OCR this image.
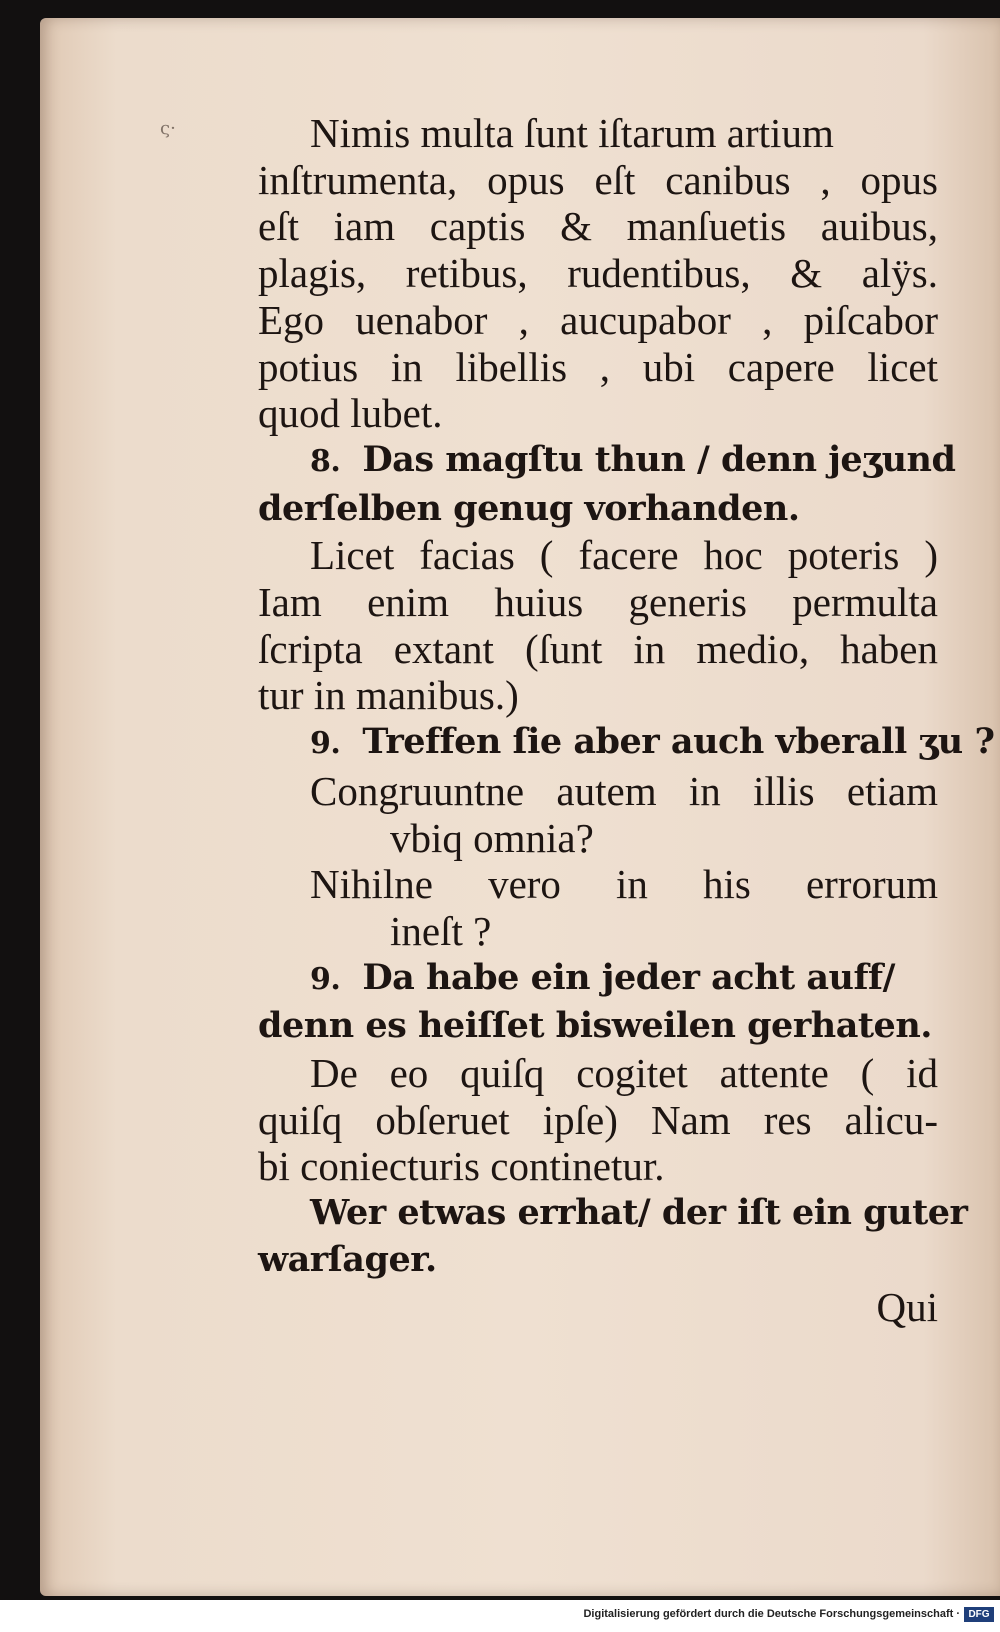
ς·	Nimis multa ſunt iſtarum artium
inſtrumenta, opus eſt canibus , opus
eſt iam captis & manſuetis auibus,
plagis, retibus, rudentibus, & alÿs.
Ego uenabor , aucupabor , piſcabor
potius in libellis , ubi capere licet
quod lubet.
8. Das magſtu thun / denn jeʒund
derſelben genug vorhanden.
Licet facias ( facere hoc poteris )
Iam enim huius generis permulta
ſcripta extant (ſunt in medio, haben
tur in manibus.)
9. Treffen ſie aber auch vberall ʒu ?
Congruuntne autem in illis etiam
vbiq omnia?
Nihilne vero in his errorum
ineſt ?
9. Da habe ein jeder acht auff/
denn es heiſſet bisweilen gerhaten.
De eo quiſq cogitet attente ( id
quiſq obſeruet ipſe) Nam res alicu-
bi coniecturis continetur.
Wer etwas errhat/ der iſt ein guter
warſager.
Qui
Digitalisierung gefördert durch die Deutsche Forschungsgemeinschaft · DFG
